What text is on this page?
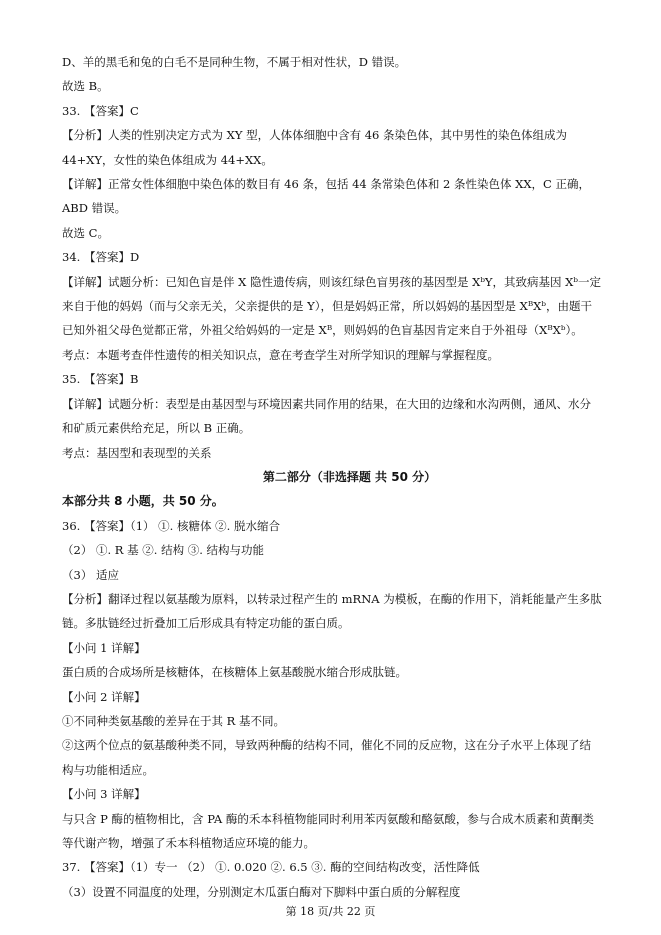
D、羊的黑毛和兔的白毛不是同种生物，不属于相对性状，D 错误。

故选 B。

33. 【答案】C

【分析】人类的性别决定方式为 XY 型，人体体细胞中含有 46 条染色体，其中男性的染色体组成为

44+XY，女性的染色体组成为 44+XX。

【详解】正常女性体细胞中染色体的数目有 46 条，包括 44 条常染色体和 2 条性染色体 XX，C 正确，

ABD 错误。

故选 C。

34. 【答案】D

【详解】试题分析：已知色盲是伴 X 隐性遗传病，则该红绿色盲男孩的基因型是 XᵇY，其致病基因 Xᵇ一定

来自于他的妈妈（而与父亲无关，父亲提供的是 Y），但是妈妈正常，所以妈妈的基因型是 XᴮXᵇ，由题干

已知外祖父母色觉都正常，外祖父给妈妈的一定是 Xᴮ，则妈妈的色盲基因肯定来自于外祖母（XᴮXᵇ）。

考点：本题考查伴性遗传的相关知识点，意在考查学生对所学知识的理解与掌握程度。

35. 【答案】B

【详解】试题分析：表型是由基因型与环境因素共同作用的结果，在大田的边缘和水沟两侧，通风、水分

和矿质元素供给充足，所以 B 正确。

考点：基因型和表现型的关系

第二部分（非选择题 共 50 分）

本部分共 8 小题，共 50 分。

36. 【答案】（1） ①. 核糖体 ②. 脱水缩合

（2） ①. R 基 ②. 结构 ③. 结构与功能

（3） 适应

【分析】翻译过程以氨基酸为原料，以转录过程产生的 mRNA 为模板，在酶的作用下，消耗能量产生多肽

链。多肽链经过折叠加工后形成具有特定功能的蛋白质。

【小问 1 详解】

蛋白质的合成场所是核糖体，在核糖体上氨基酸脱水缩合形成肽链。

【小问 2 详解】

①不同种类氨基酸的差异在于其 R 基不同。

②这两个位点的氨基酸种类不同，导致两种酶的结构不同，催化不同的反应物，这在分子水平上体现了结

构与功能相适应。

【小问 3 详解】

与只含 P 酶的植物相比，含 PA 酶的禾本科植物能同时利用苯丙氨酸和酪氨酸，参与合成木质素和黄酮类

等代谢产物，增强了禾本科植物适应环境的能力。

37. 【答案】（1）专一 （2） ①. 0.020 ②. 6.5 ③. 酶的空间结构改变，活性降低

（3）设置不同温度的处理，分别测定木瓜蛋白酶对下脚料中蛋白质的分解程度

第 18 页/共 22 页
